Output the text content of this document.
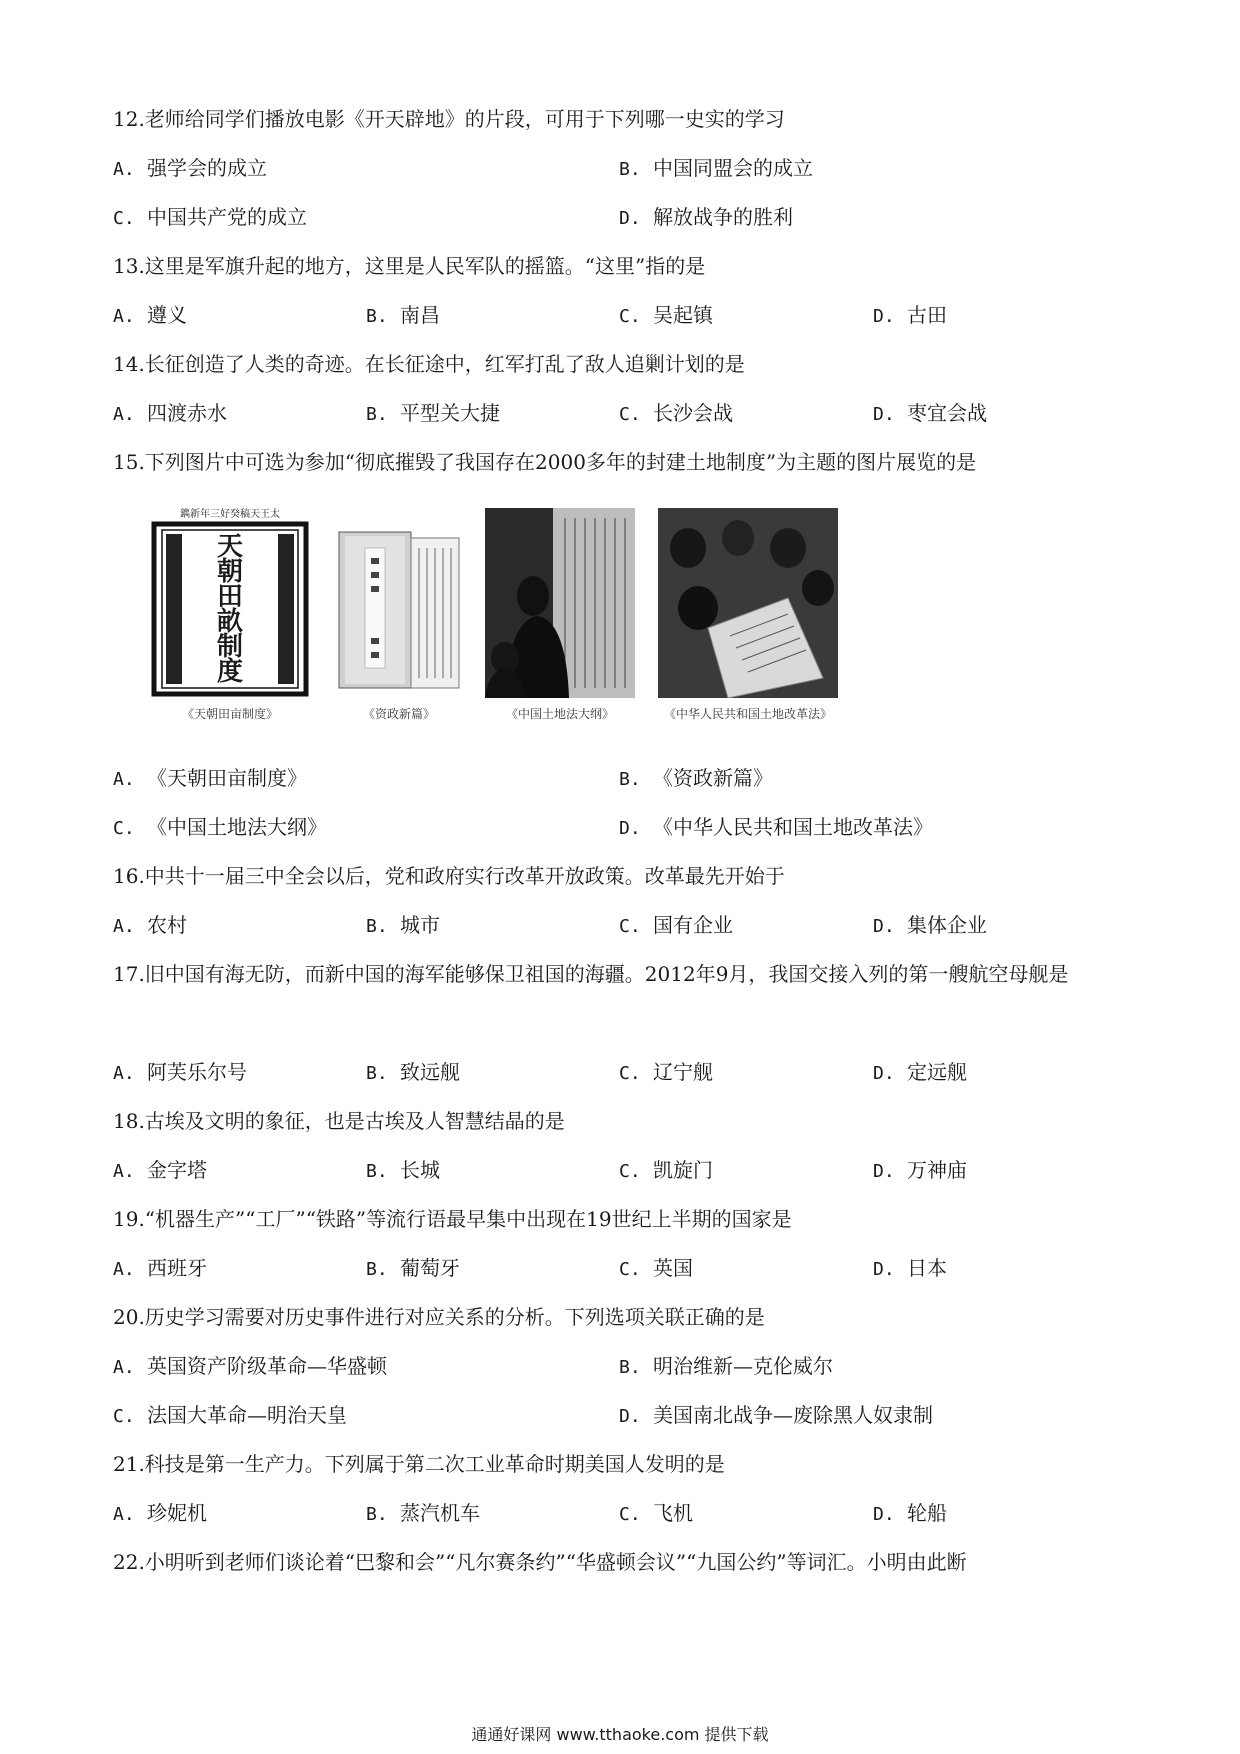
12.老师给同学们播放电影《开天辟地》的片段，可用于下列哪一史实的学习
A. 强学会的成立	B. 中国同盟会的成立
C. 中国共产党的成立	D. 解放战争的胜利
13.这里是军旗升起的地方，这里是人民军队的摇篮。“这里”指的是
A. 遵义	B. 南昌	C. 吴起镇	D. 古田
14.长征创造了人类的奇迹。在长征途中，红军打乱了敌人追剿计划的是
A. 四渡赤水	B. 平型关大捷	C. 长沙会战	D. 枣宜会战
15.下列图片中可选为参加“彻底摧毁了我国存在2000多年的封建土地制度”为主题的图片展览的是
鐫新年三好癸稿天王太
天
朝
田
畝
制
度
《天朝田亩制度》	《资政新篇》	《中国土地法大纲》	《中华人民共和国土地改革法》
A. 《天朝田亩制度》	B. 《资政新篇》
C. 《中国土地法大纲》	D. 《中华人民共和国土地改革法》
16.中共十一届三中全会以后，党和政府实行改革开放政策。改革最先开始于
A. 农村	B. 城市	C. 国有企业	D. 集体企业
17.旧中国有海无防，而新中国的海军能够保卫祖国的海疆。2012年9月，我国交接入列的第一艘航空母舰是
A. 阿芙乐尔号	B. 致远舰	C. 辽宁舰	D. 定远舰
18.古埃及文明的象征，也是古埃及人智慧结晶的是
A. 金字塔	B. 长城	C. 凯旋门	D. 万神庙
19.“机器生产”“工厂”“铁路”等流行语最早集中出现在19世纪上半期的国家是
A. 西班牙	B. 葡萄牙	C. 英国	D. 日本
20.历史学习需要对历史事件进行对应关系的分析。下列选项关联正确的是
A. 英国资产阶级革命—华盛顿	B. 明治维新—克伦威尔
C. 法国大革命—明治天皇	D. 美国南北战争—废除黑人奴隶制
21.科技是第一生产力。下列属于第二次工业革命时期美国人发明的是
A. 珍妮机	B. 蒸汽机车	C. 飞机	D. 轮船
22.小明听到老师们谈论着“巴黎和会”“凡尔赛条约”“华盛顿会议”“九国公约”等词汇。小明由此断
通通好课网 www.tthaoke.com 提供下载
